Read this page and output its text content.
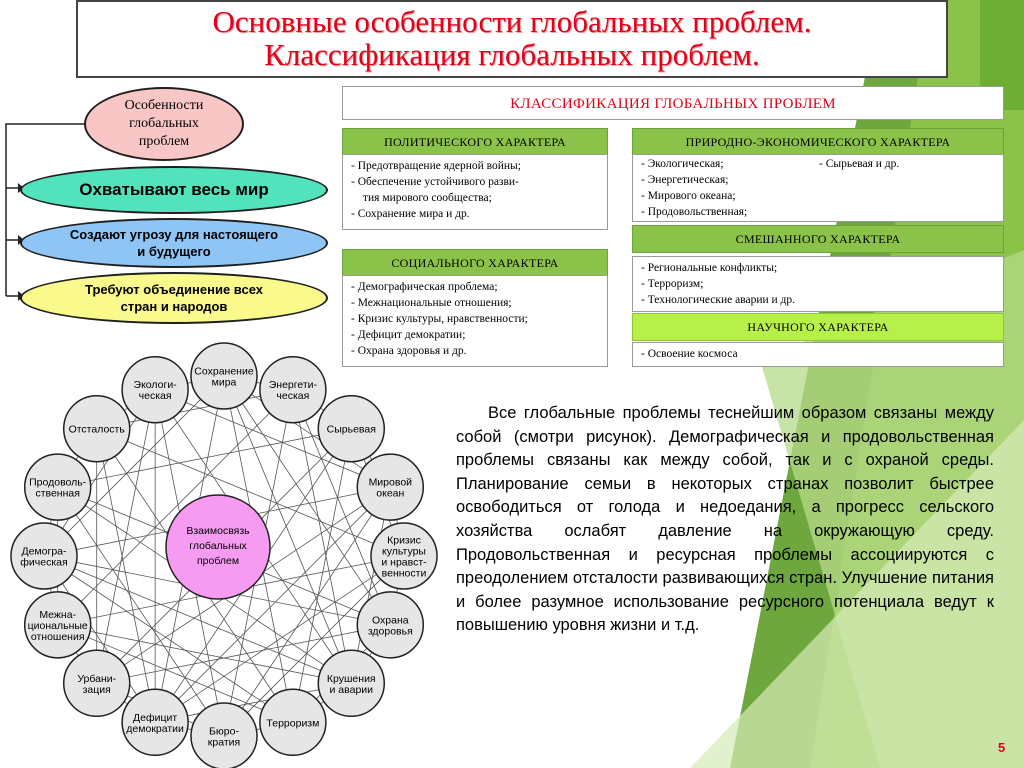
Основные особенности глобальных проблем.
Классификация глобальных проблем.
Особенности
глобальных
проблем
Охватывают весь мир
Создают угрозу для настоящего
и будущего
Требуют объединение всех
стран и народов
КЛАССИФИКАЦИЯ ГЛОБАЛЬНЫХ ПРОБЛЕМ
ПОЛИТИЧЕСКОГО ХАРАКТЕРА
- Предотвращение ядерной войны;
- Обеспечение устойчивого разви-
тия мирового сообщества;
- Сохранение мира и др.
СОЦИАЛЬНОГО ХАРАКТЕРА
- Демографическая проблема;
- Межнациональные отношения;
- Кризис культуры, нравственности;
- Дефицит демократии;
- Охрана здоровья и др.
ПРИРОДНО-ЭКОНОМИЧЕСКОГО ХАРАКТЕРА
- Экологическая;
- Энергетическая;
- Мирового океана;
- Продовольственная;
- Сырьевая и др.
СМЕШАННОГО ХАРАКТЕРА
- Региональные конфликты;
- Терроризм;
- Технологические аварии и др.
НАУЧНОГО ХАРАКТЕРА
- Освоение космоса
Взаимосвязь
глобальных
проблем
Сохранение
мира	Энергети-
ческая
Сырьевая
Мировой
океан
Кризис
культуры
и нравст-
венности
Охрана
здоровья
Крушения
и аварии
Терроризм
Бюро-
кратия
Дефицит
демократии
Урбани-
зация
Межна-
циональные
отношения
Демогра-
фическая
Продоволь-
ственная
Отсталость
Экологи-
ческая
Все глобальные проблемы теснейшим образом связаны между собой (смотри рисунок). Демографическая и продовольственная проблемы связаны как между собой, так и с охраной среды. Планирование семьи в некоторых странах позволит быстрее освободиться от голода и недоедания, а прогресс сельского хозяйства ослабят давление на окружающую среду. Продовольственная и ресурсная проблемы ассоциируются с преодолением отсталости развивающихся стран. Улучшение питания и более разумное использование ресурсного потенциала ведут к повышению уровня жизни и т.д.
5
